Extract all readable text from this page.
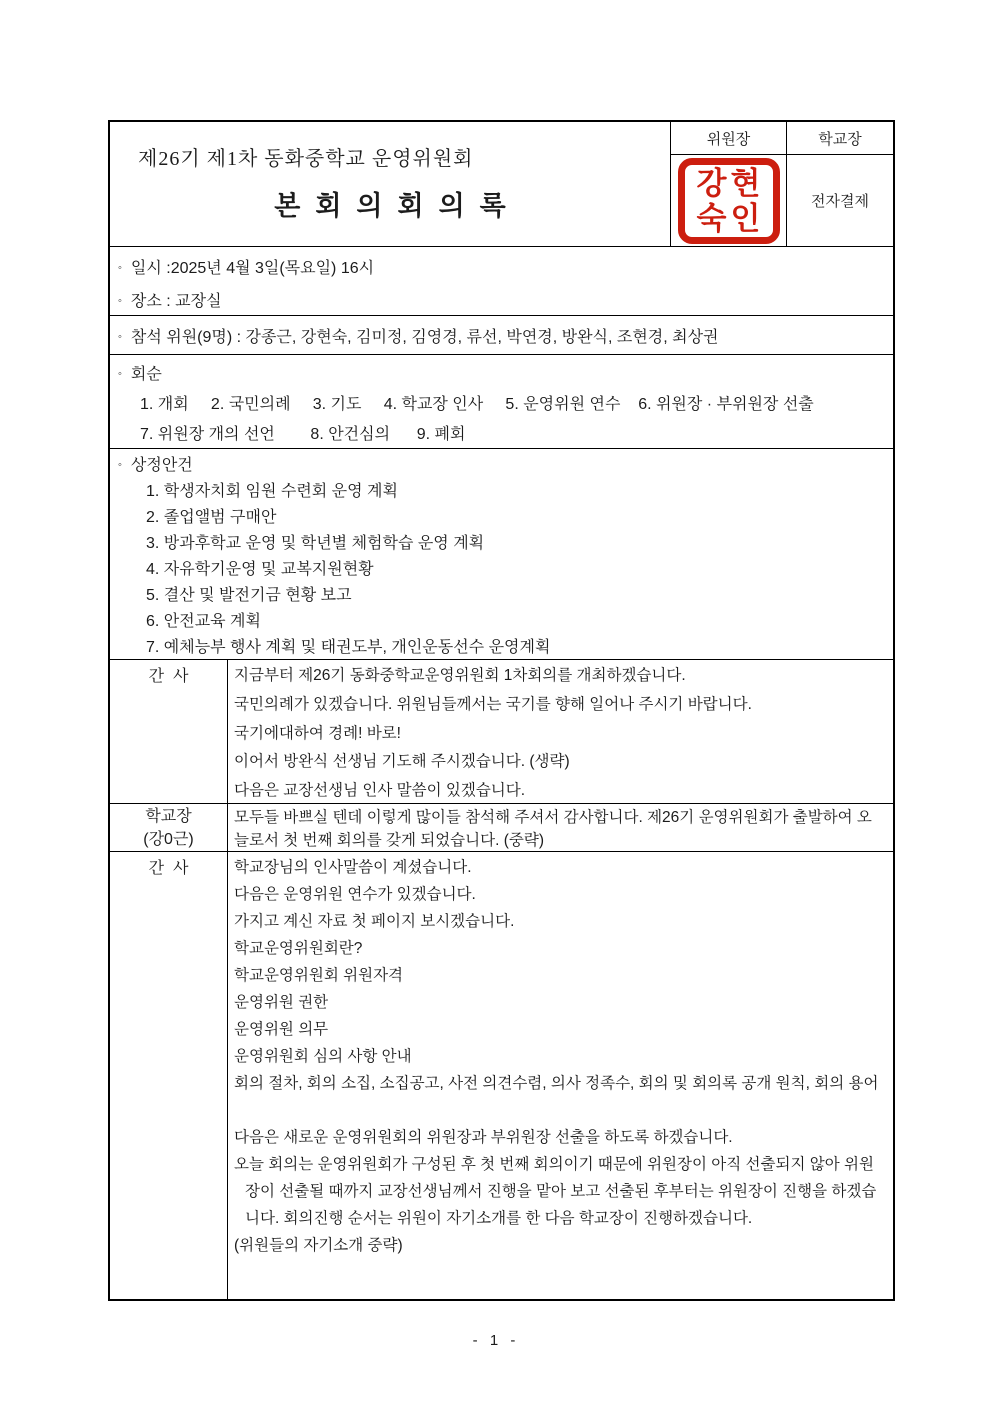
제26기 제1차 동화중학교 운영위원회
본회의회의록
위원장
강현
숙인
학교장
전자결제

◦ 일시 :2025년 4월 3일(목요일) 16시

◦ 장소 : 교장실

◦ 참석 위원(9명) : 강종근, 강현숙, 김미정, 김영경, 류선, 박연경, 방완식, 조현경, 최상권

◦ 회순

1. 개회     2. 국민의례     3. 기도     4. 학교장 인사     5. 운영위원 연수    6. 위원장 · 부위원장 선출

7. 위원장 개의 선언        8. 안건심의      9. 폐회

◦ 상정안건

1. 학생자치회 임원 수련회 운영 계획

2. 졸업앨범 구매안

3. 방과후학교 운영 및 학년별 체험학습 운영 계획

4. 자유학기운영 및 교복지원현황

5. 결산 및 발전기금 현황 보고

6. 안전교육 계획

7. 예체능부 행사 계획 및 태권도부, 개인운동선수 운영계획

간  사	지금부터 제26기 동화중학교운영위원회 1차회의를 개최하겠습니다.

국민의례가 있겠습니다. 위원님들께서는 국기를 향해 일어나 주시기 바랍니다.

국기에대하여 경례! 바로!

이어서 방완식 선생님 기도해 주시겠습니다. (생략)

다음은 교장선생님 인사 말씀이 있겠습니다.

학교장

(강0근)

모두들 바쁘실 텐데 이렇게 많이들 참석해 주셔서 감사합니다. 제26기 운영위원회가 출발하여 오늘로서 첫 번째 회의를 갖게 되었습니다. (중략)

간  사	학교장님의 인사말씀이 계셨습니다.

다음은 운영위원 연수가 있겠습니다.

가지고 계신 자료 첫 페이지 보시겠습니다.

학교운영위원회란?

학교운영위원회 위원자격

운영위원 권한

운영위원 의무

운영위원회 심의 사항 안내

회의 절차, 회의 소집, 소집공고, 사전 의견수렴, 의사 정족수, 회의 및 회의록 공개 원칙, 회의 용어

다음은 새로운 운영위원회의 위원장과 부위원장 선출을 하도록 하겠습니다.

오늘 회의는 운영위원회가 구성된 후 첫 번째 회의이기 때문에 위원장이 아직 선출되지 않아 위원장이 선출될 때까지 교장선생님께서 진행을 맡아 보고 선출된 후부터는 위원장이 진행을 하겠습니다. 회의진행 순서는 위원이 자기소개를 한 다음 학교장이 진행하겠습니다.

(위원들의 자기소개 중략)

- 1 -
